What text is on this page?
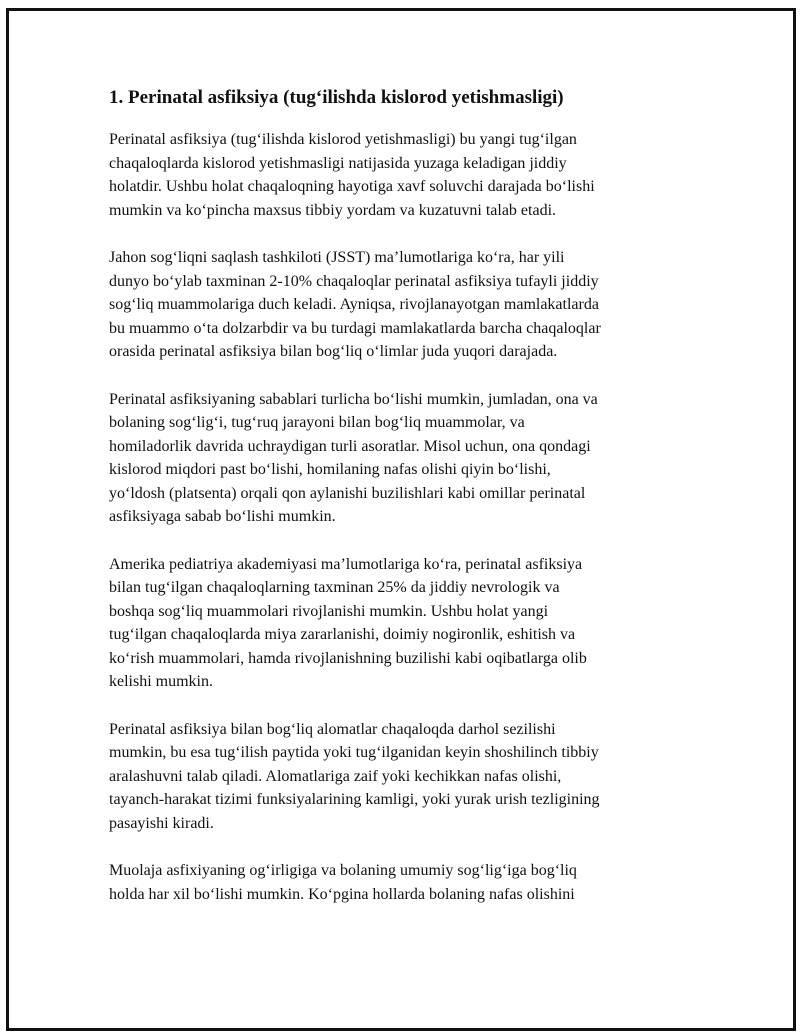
1. Perinatal asfiksiya (tug‘ilishda kislorod yetishmasligi)

Perinatal asfiksiya (tug‘ilishda kislorod yetishmasligi) bu yangi tug‘ilgan
chaqaloqlarda kislorod yetishmasligi natijasida yuzaga keladigan jiddiy
holatdir. Ushbu holat chaqaloqning hayotiga xavf soluvchi darajada bo‘lishi
mumkin va ko‘pincha maxsus tibbiy yordam va kuzatuvni talab etadi.

Jahon sog‘liqni saqlash tashkiloti (JSST) ma’lumotlariga ko‘ra, har yili
dunyo bo‘ylab taxminan 2-10% chaqaloqlar perinatal asfiksiya tufayli jiddiy
sog‘liq muammolariga duch keladi. Ayniqsa, rivojlanayotgan mamlakatlarda
bu muammo o‘ta dolzarbdir va bu turdagi mamlakatlarda barcha chaqaloqlar
orasida perinatal asfiksiya bilan bog‘liq o‘limlar juda yuqori darajada.

Perinatal asfiksiyaning sabablari turlicha bo‘lishi mumkin, jumladan, ona va
bolaning sog‘lig‘i, tug‘ruq jarayoni bilan bog‘liq muammolar, va
homiladorlik davrida uchraydigan turli asoratlar. Misol uchun, ona qondagi
kislorod miqdori past bo‘lishi, homilaning nafas olishi qiyin bo‘lishi,
yo‘ldosh (platsenta) orqali qon aylanishi buzilishlari kabi omillar perinatal
asfiksiyaga sabab bo‘lishi mumkin.

Amerika pediatriya akademiyasi ma’lumotlariga ko‘ra, perinatal asfiksiya
bilan tug‘ilgan chaqaloqlarning taxminan 25% da jiddiy nevrologik va
boshqa sog‘liq muammolari rivojlanishi mumkin. Ushbu holat yangi
tug‘ilgan chaqaloqlarda miya zararlanishi, doimiy nogironlik, eshitish va
ko‘rish muammolari, hamda rivojlanishning buzilishi kabi oqibatlarga olib
kelishi mumkin.

Perinatal asfiksiya bilan bog‘liq alomatlar chaqaloqda darhol sezilishi
mumkin, bu esa tug‘ilish paytida yoki tug‘ilganidan keyin shoshilinch tibbiy
aralashuvni talab qiladi. Alomatlariga zaif yoki kechikkan nafas olishi,
tayanch-harakat tizimi funksiyalarining kamligi, yoki yurak urish tezligining
pasayishi kiradi.

Muolaja asfixiyaning og‘irligiga va bolaning umumiy sog‘lig‘iga bog‘liq
holda har xil bo‘lishi mumkin. Ko‘pgina hollarda bolaning nafas olishini
